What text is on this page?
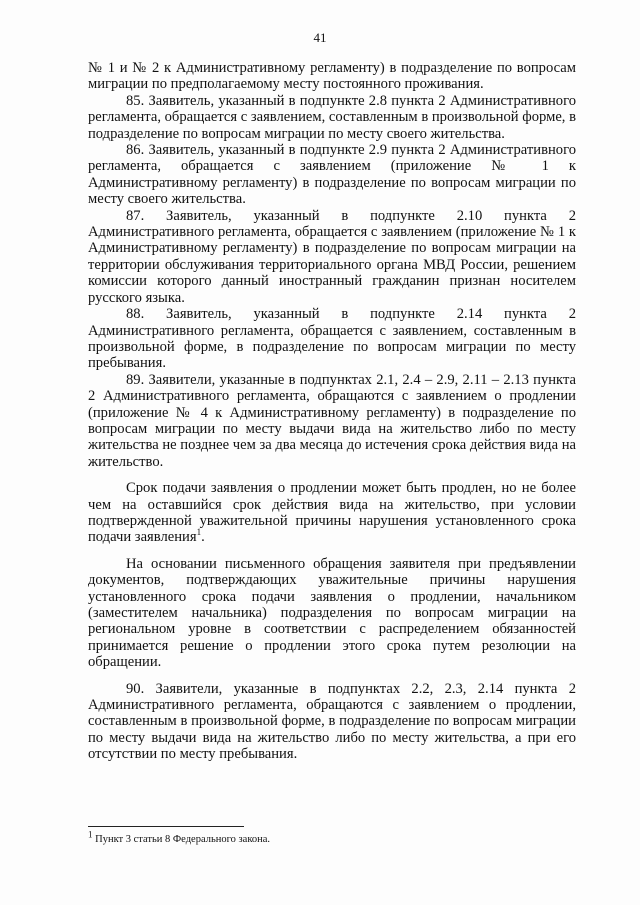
41

№ 1 и № 2 к Административному регламенту) в подразделение по вопросам миграции по предполагаемому месту постоянного проживания.

85. Заявитель, указанный в подпункте 2.8 пункта 2 Административного регламента, обращается с заявлением, составленным в произвольной форме, в подразделение по вопросам миграции по месту своего жительства.

86. Заявитель, указанный в подпункте 2.9 пункта 2 Административного регламента, обращается с заявлением (приложение № 1 к Административному регламенту) в подразделение по вопросам миграции по месту своего жительства.

87. Заявитель, указанный в подпункте 2.10 пункта 2 Административного регламента, обращается с заявлением (приложение № 1 к Административному регламенту) в подразделение по вопросам миграции на территории обслуживания территориального органа МВД России, решением комиссии которого данный иностранный гражданин признан носителем русского языка.

88. Заявитель, указанный в подпункте 2.14 пункта 2 Административного регламента, обращается с заявлением, составленным в произвольной форме, в подразделение по вопросам миграции по месту пребывания.

89. Заявители, указанные в подпунктах 2.1, 2.4 – 2.9, 2.11 – 2.13 пункта 2 Административного регламента, обращаются с заявлением о продлении (приложение № 4 к Административному регламенту) в подразделение по вопросам миграции по месту выдачи вида на жительство либо по месту жительства не позднее чем за два месяца до истечения срока действия вида на жительство.

Срок подачи заявления о продлении может быть продлен, но не более чем на оставшийся срок действия вида на жительство, при условии подтвержденной уважительной причины нарушения установленного срока подачи заявления$^1$.

На основании письменного обращения заявителя при предъявлении документов, подтверждающих уважительные причины нарушения установленного срока подачи заявления о продлении, начальником (заместителем начальника) подразделения по вопросам миграции на региональном уровне в соответствии с распределением обязанностей принимается решение о продлении этого срока путем резолюции на обращении.

90. Заявители, указанные в подпунктах 2.2, 2.3, 2.14 пункта 2 Административного регламента, обращаются с заявлением о продлении, составленным в произвольной форме, в подразделение по вопросам миграции по месту выдачи вида на жительство либо по месту жительства, а при его отсутствии по месту пребывания.

$^1$ Пункт 3 статьи 8 Федерального закона.
